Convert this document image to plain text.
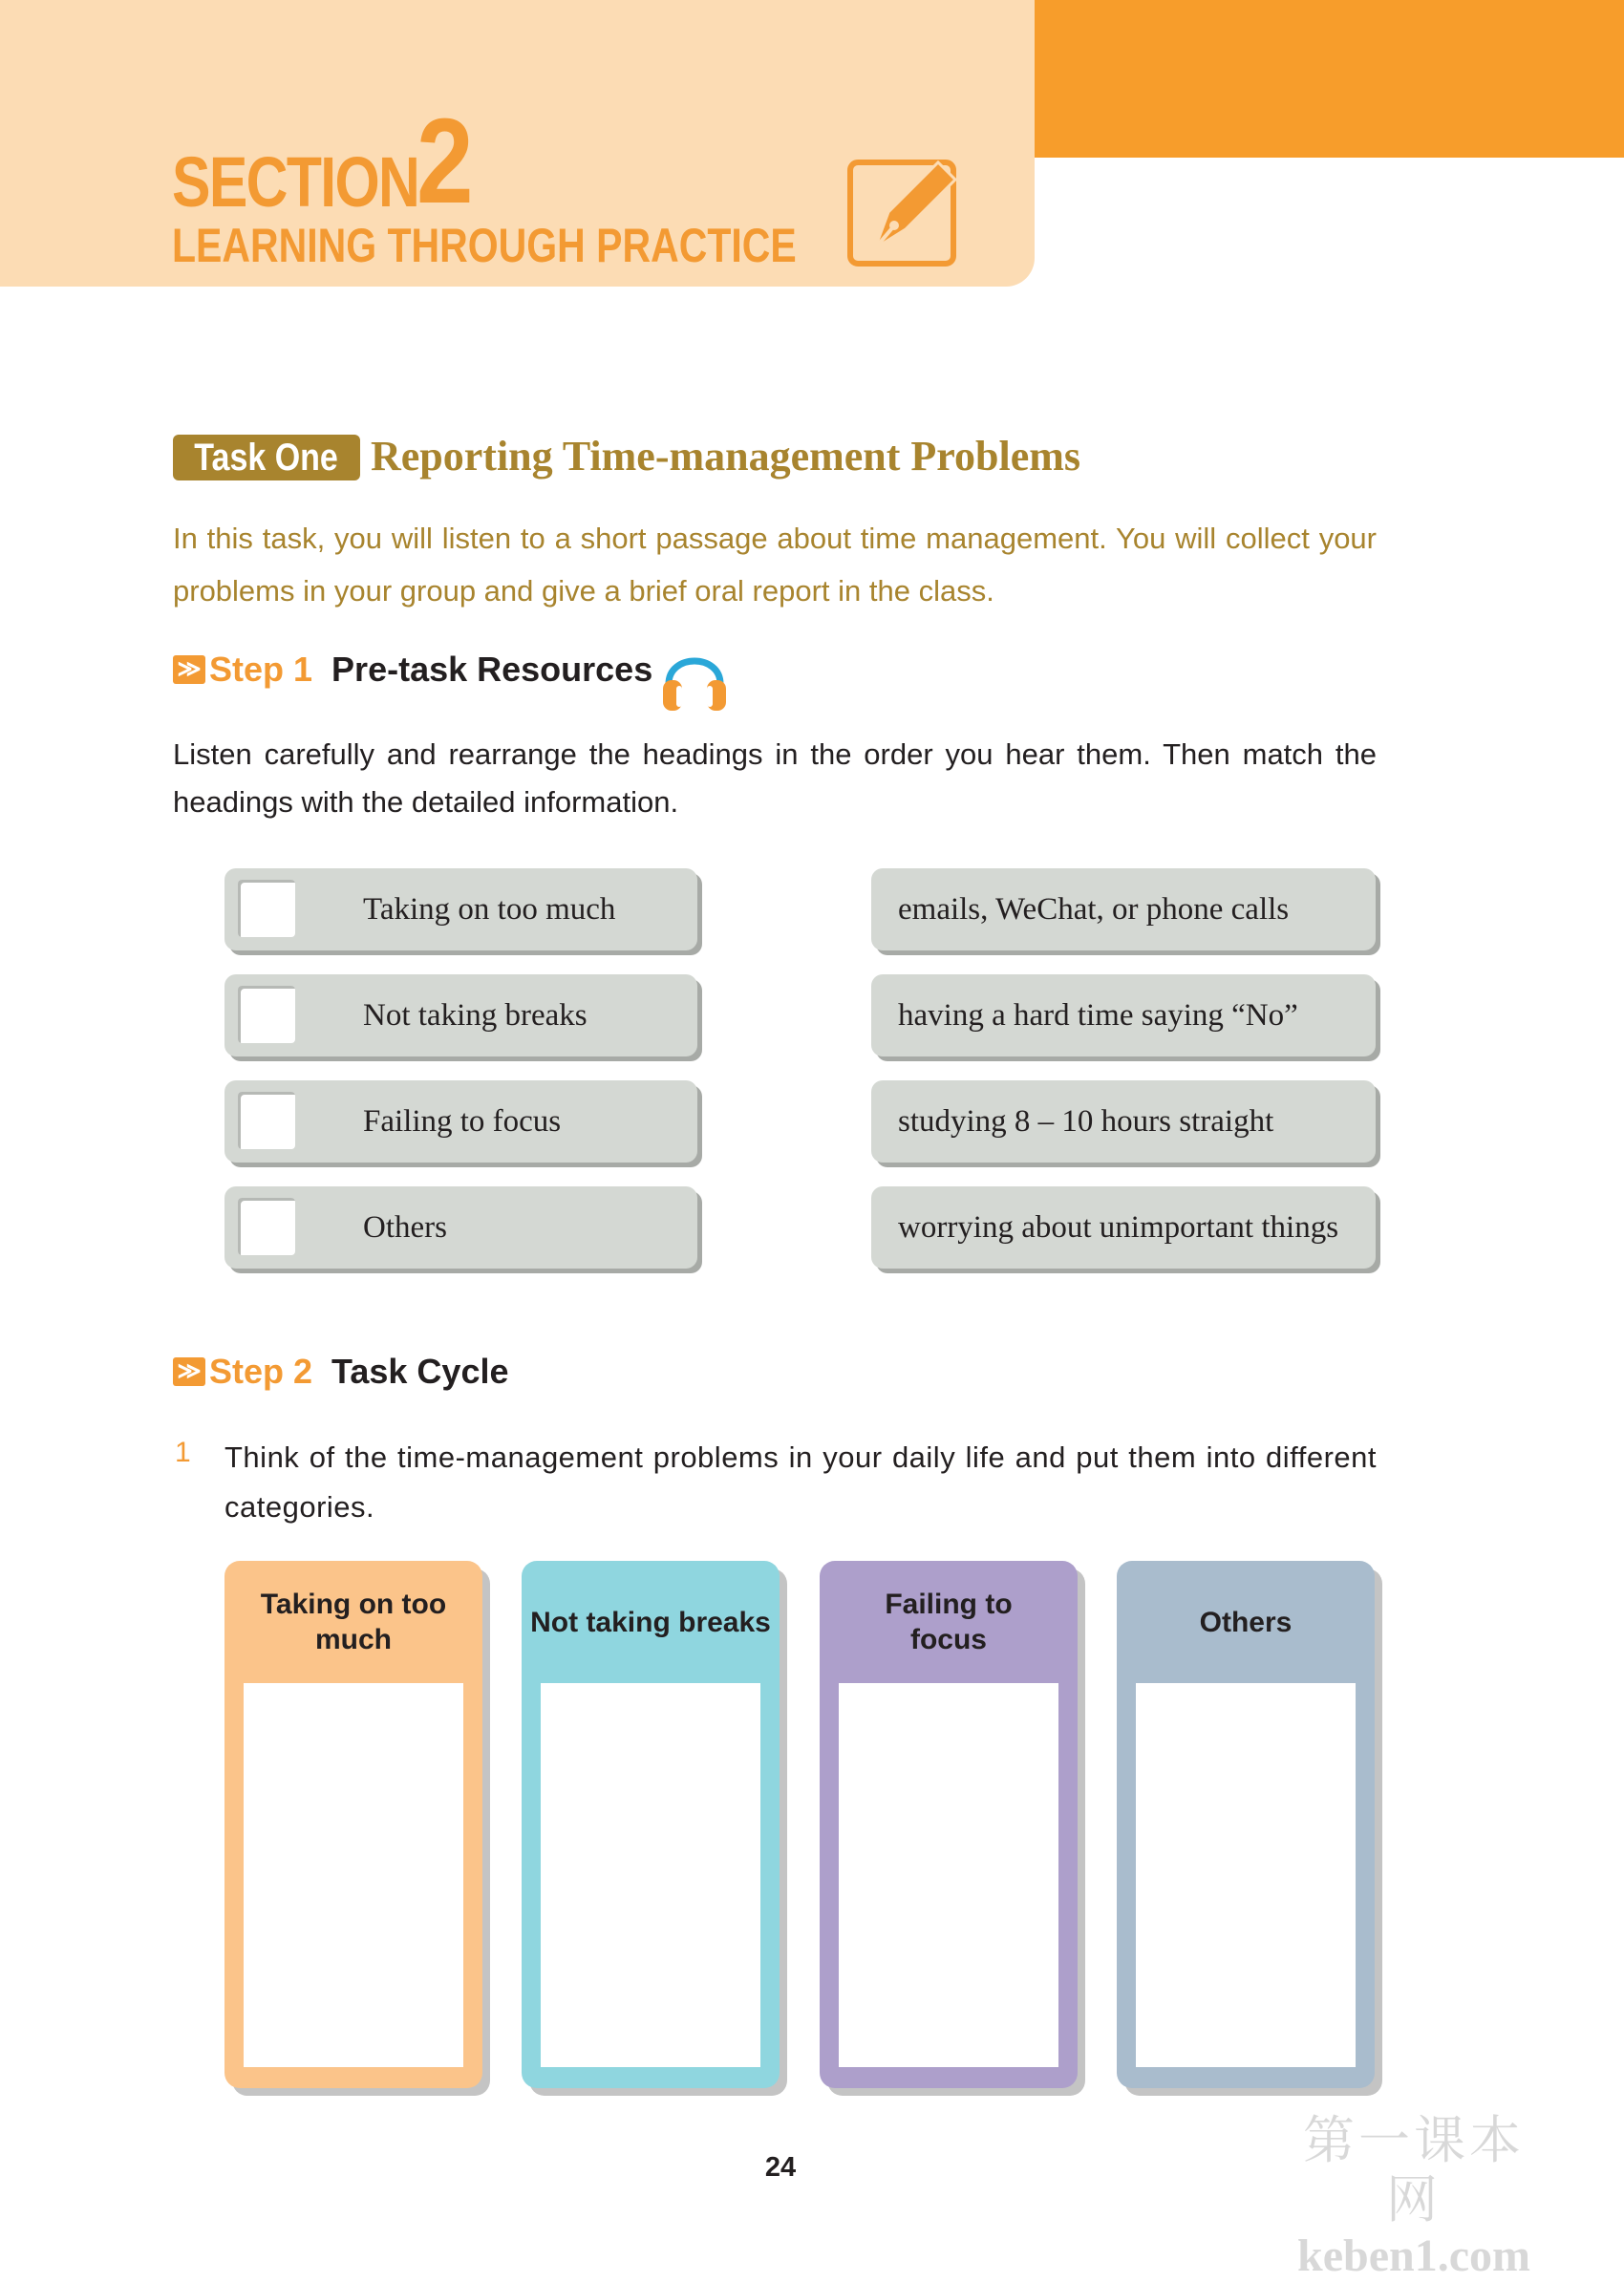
SECTION
2
LEARNING THROUGH PRACTICE
Task One Reporting Time-management Problems
In this task, you will listen to a short passage about time management. You will collect your problems in your group and give a brief oral report in the class.
≫ Step 1 Pre-task Resources
Listen carefully and rearrange the headings in the order you hear them. Then match the headings with the detailed information.
Taking on too much
Not taking breaks
Failing to focus
Others
emails, WeChat, or phone calls
having a hard time saying “No”
studying 8 – 10 hours straight
worrying about unimportant things
≫ Step 2 Task Cycle
1 Think of the time-management problems in your daily life and put them into different categories.
Taking on too much
Not taking breaks
Failing to focus
Others
24	第一课本网
keben1.com
